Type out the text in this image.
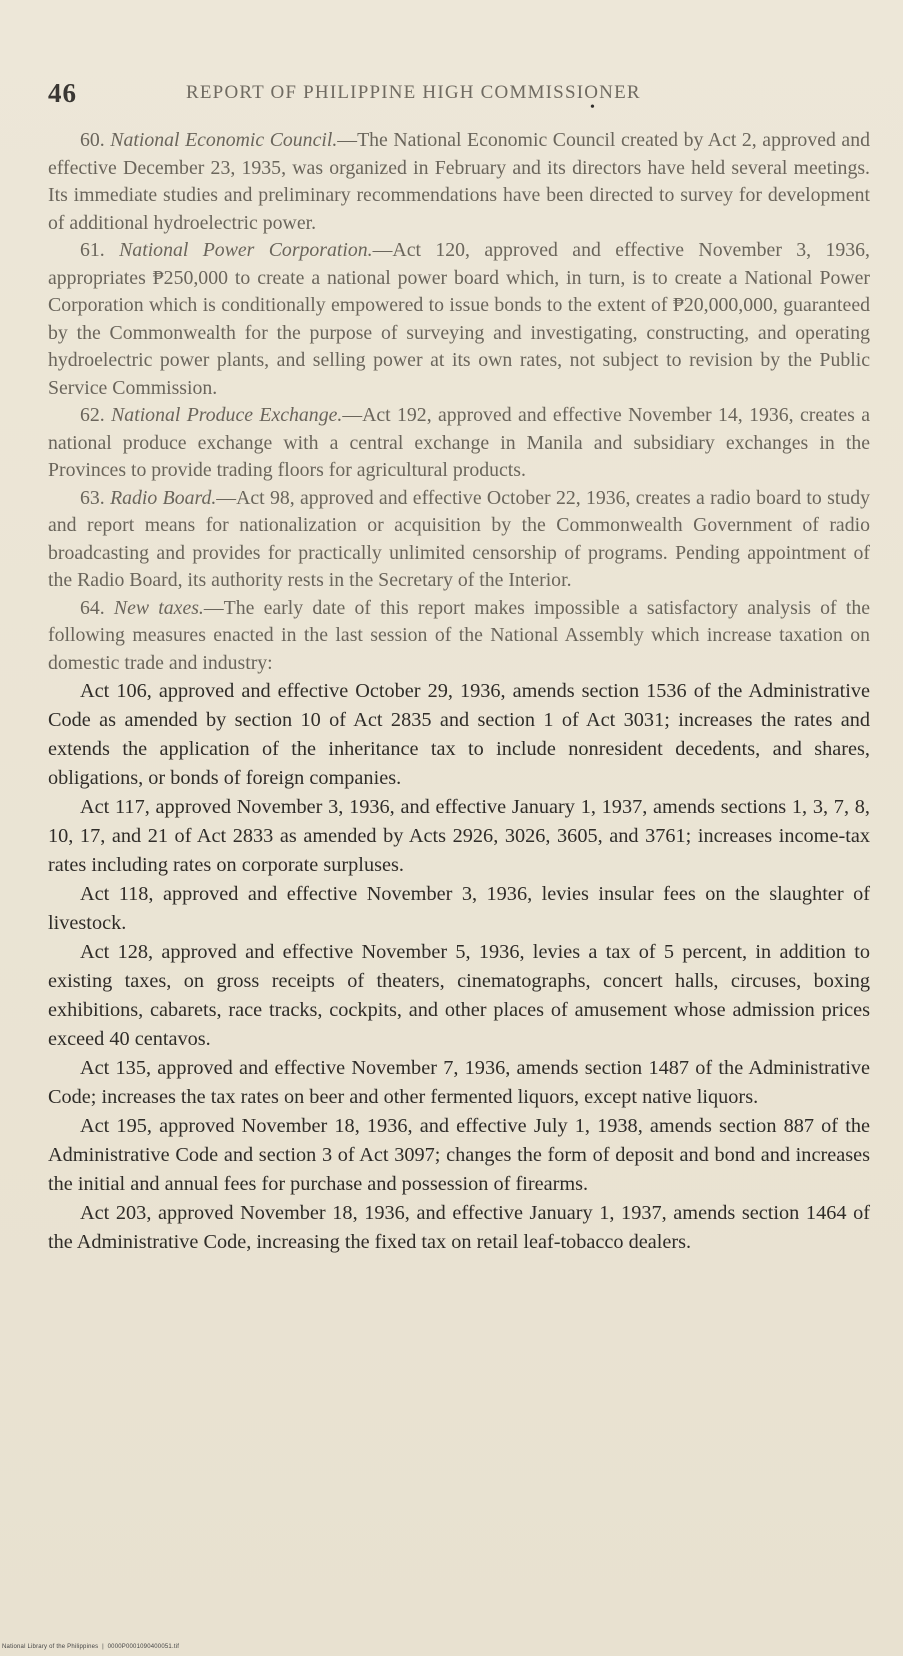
46	REPORT OF PHILIPPINE HIGH COMMISSIONER
•

60. National Economic Council.—The National Economic Council created by Act 2, approved and effective December 23, 1935, was organized in February and its directors have held several meetings. Its immediate studies and preliminary recommendations have been directed to survey for development of additional hydroelectric power.

61. National Power Corporation.—Act 120, approved and effective November 3, 1936, appropriates ₱250,000 to create a national power board which, in turn, is to create a National Power Corporation which is conditionally empowered to issue bonds to the extent of ₱20,000,000, guaranteed by the Commonwealth for the purpose of surveying and investigating, constructing, and operating hydroelectric power plants, and selling power at its own rates, not subject to revision by the Public Service Commission.

62. National Produce Exchange.—Act 192, approved and effective November 14, 1936, creates a national produce exchange with a central exchange in Manila and subsidiary exchanges in the Provinces to provide trading floors for agricultural products.

63. Radio Board.—Act 98, approved and effective October 22, 1936, creates a radio board to study and report means for nationalization or acquisition by the Commonwealth Government of radio broadcasting and provides for practically unlimited censorship of programs. Pending appointment of the Radio Board, its authority rests in the Secretary of the Interior.

64. New taxes.—The early date of this report makes impossible a satisfactory analysis of the following measures enacted in the last session of the National Assembly which increase taxation on domestic trade and industry:

Act 106, approved and effective October 29, 1936, amends section 1536 of the Administrative Code as amended by section 10 of Act 2835 and section 1 of Act 3031; increases the rates and extends the application of the inheritance tax to include nonresident decedents, and shares, obligations, or bonds of foreign companies.

Act 117, approved November 3, 1936, and effective January 1, 1937, amends sections 1, 3, 7, 8, 10, 17, and 21 of Act 2833 as amended by Acts 2926, 3026, 3605, and 3761; increases income-tax rates including rates on corporate surpluses.

Act 118, approved and effective November 3, 1936, levies insular fees on the slaughter of livestock.

Act 128, approved and effective November 5, 1936, levies a tax of 5 percent, in addition to existing taxes, on gross receipts of theaters, cinematographs, concert halls, circuses, boxing exhibitions, cabarets, race tracks, cockpits, and other places of amusement whose admission prices exceed 40 centavos.

Act 135, approved and effective November 7, 1936, amends section 1487 of the Administrative Code; increases the tax rates on beer and other fermented liquors, except native liquors.

Act 195, approved November 18, 1936, and effective July 1, 1938, amends section 887 of the Administrative Code and section 3 of Act 3097; changes the form of deposit and bond and increases the initial and annual fees for purchase and possession of firearms.

Act 203, approved November 18, 1936, and effective January 1, 1937, amends section 1464 of the Administrative Code, increasing the fixed tax on retail leaf-tobacco dealers.

National Library of the Philippines  |  0000P0001090400051.tif
